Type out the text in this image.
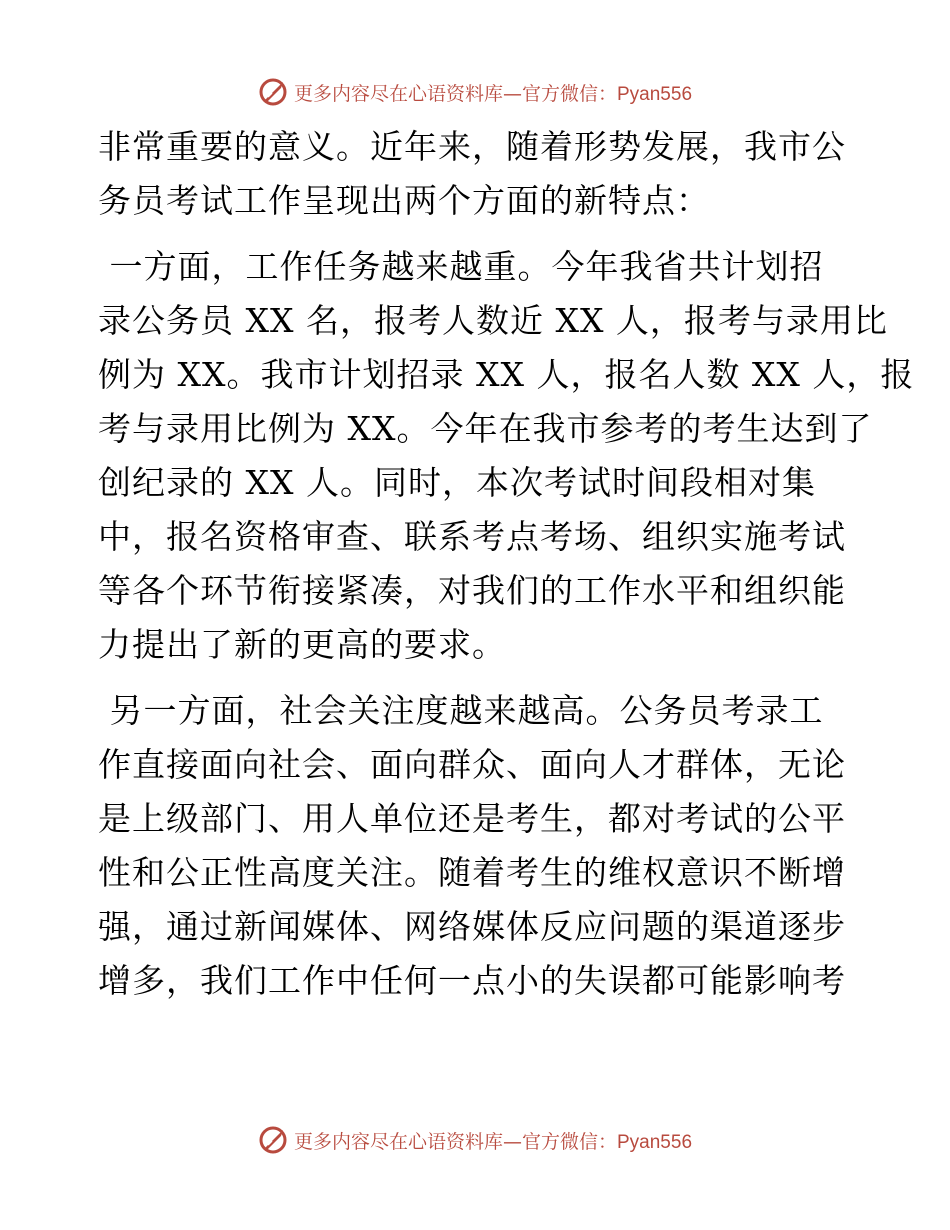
更多内容尽在心语资料库—官方微信：Pyan556
非常重要的意义。近年来，随着形势发展，我市公
务员考试工作呈现出两个方面的新特点：
一方面，工作任务越来越重。今年我省共计划招
录公务员 XX 名，报考人数近 XX 人，报考与录用比
例为 XX。我市计划招录 XX 人，报名人数 XX 人，报
考与录用比例为 XX。今年在我市参考的考生达到了
创纪录的 XX 人。同时，本次考试时间段相对集
中，报名资格审查、联系考点考场、组织实施考试
等各个环节衔接紧凑，对我们的工作水平和组织能
力提出了新的更高的要求。
另一方面，社会关注度越来越高。公务员考录工
作直接面向社会、面向群众、面向人才群体，无论
是上级部门、用人单位还是考生，都对考试的公平
性和公正性高度关注。随着考生的维权意识不断增
强，通过新闻媒体、网络媒体反应问题的渠道逐步
增多，我们工作中任何一点小的失误都可能影响考
更多内容尽在心语资料库—官方微信：Pyan556
